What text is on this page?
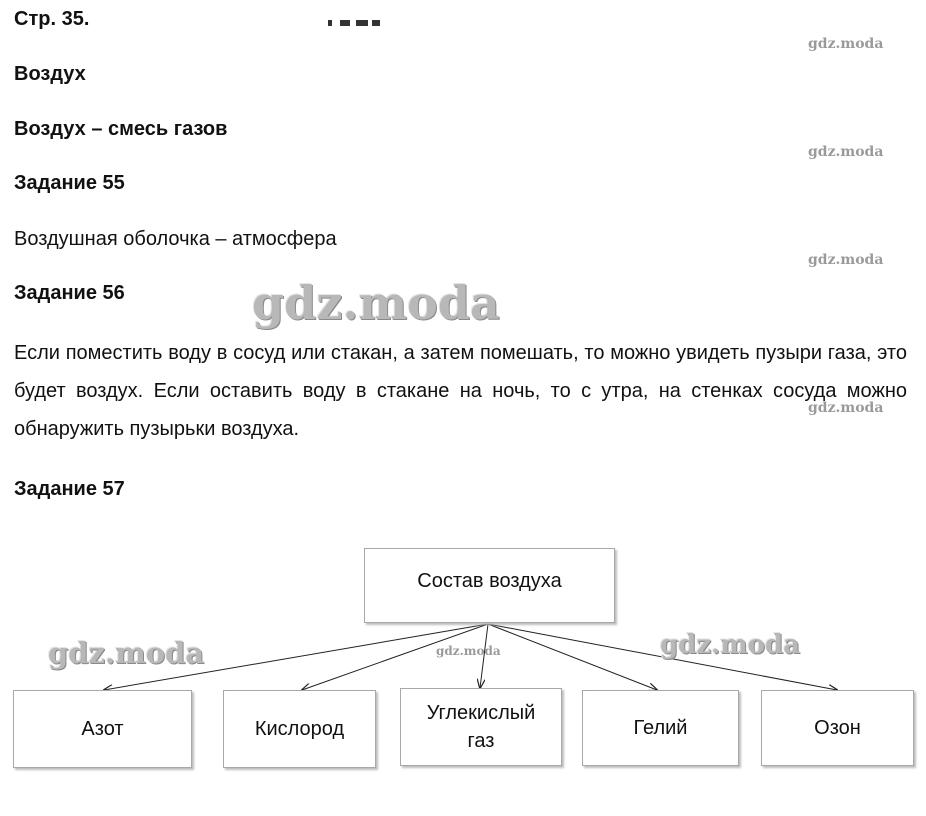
Стр. 35.
Воздух
Воздух – смесь газов
Задание 55
Воздушная оболочка – атмосфера
Задание 56
Если поместить воду в сосуд или стакан, а затем помешать, то можно увидеть пузыри газа, это будет воздух. Если оставить воду в стакане на ночь, то с утра, на стенках сосуда можно обнаружить пузырьки воздуха.
Задание 57
Состав воздуха
Азот	Кислород
Углекислый газ
Гелий	Озон
gdz.moda
gdz.moda
gdz.moda
gdz.moda
gdz.moda
gdz.moda
gdz.moda	gdz.moda
